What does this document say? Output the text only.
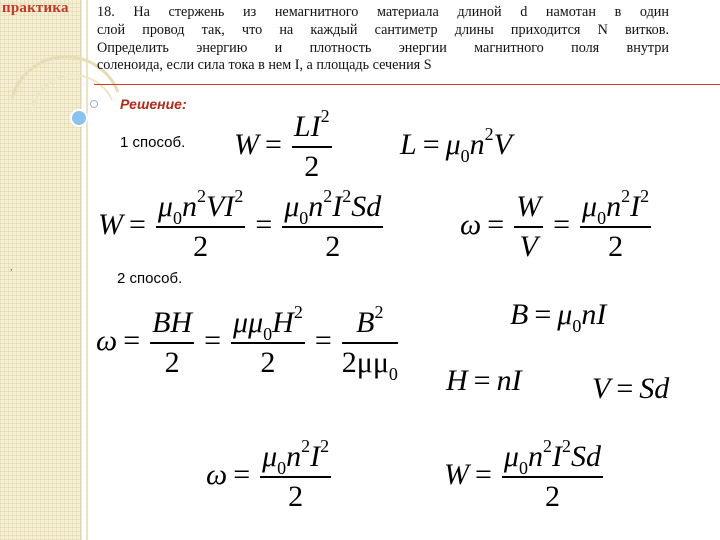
практика 18. На стержень из немагнитного материала длиной d намотан в один
слой провод так, что на каждый сантиметр длины приходится N витков.
Определить энергию и плотность энергии магнитного поля внутри
соленоида, если сила тока в нем I, а площадь сечения S
Решение:
1 способ.
2 способ.
,
$W = \frac{LI^2}{2}$ $L = \mu_0n^2V$
$W = \frac{\mu_0n^2VI^2}{2} = \frac{\mu_0n^2I^2Sd}{2}$	$\omega = \frac{W}{V} = \frac{\mu_0n^2I^2}{2}$
$\omega = \frac{BH}{2} = \frac{\mu\mu_0H^2}{2} = \frac{B^2}{2\mu\mu_0}$	$B = \mu_0nI$
H = nI V = Sd
$\omega = \frac{\mu_0n^2I^2}{2}$	$W = \frac{\mu_0n^2I^2Sd}{2}$
